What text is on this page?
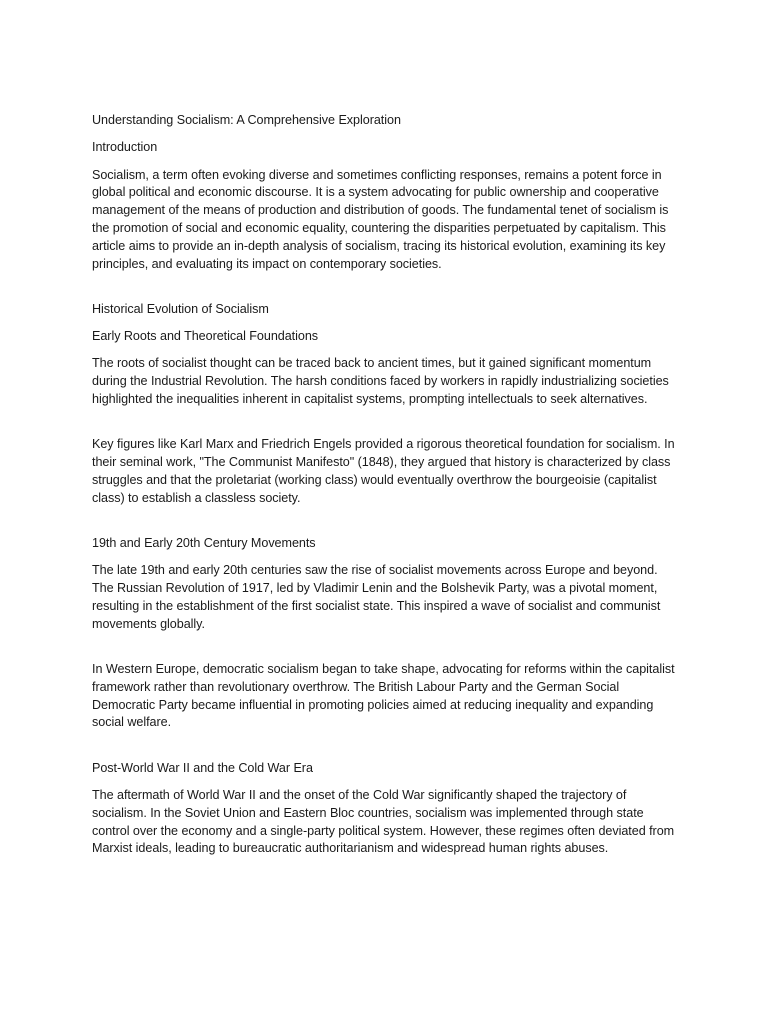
Understanding Socialism: A Comprehensive Exploration
Introduction
Socialism, a term often evoking diverse and sometimes conflicting responses, remains a potent force in global political and economic discourse. It is a system advocating for public ownership and cooperative management of the means of production and distribution of goods. The fundamental tenet of socialism is the promotion of social and economic equality, countering the disparities perpetuated by capitalism. This article aims to provide an in-depth analysis of socialism, tracing its historical evolution, examining its key principles, and evaluating its impact on contemporary societies.
Historical Evolution of Socialism
Early Roots and Theoretical Foundations
The roots of socialist thought can be traced back to ancient times, but it gained significant momentum during the Industrial Revolution. The harsh conditions faced by workers in rapidly industrializing societies highlighted the inequalities inherent in capitalist systems, prompting intellectuals to seek alternatives.
Key figures like Karl Marx and Friedrich Engels provided a rigorous theoretical foundation for socialism. In their seminal work, "The Communist Manifesto" (1848), they argued that history is characterized by class struggles and that the proletariat (working class) would eventually overthrow the bourgeoisie (capitalist class) to establish a classless society.
19th and Early 20th Century Movements
The late 19th and early 20th centuries saw the rise of socialist movements across Europe and beyond. The Russian Revolution of 1917, led by Vladimir Lenin and the Bolshevik Party, was a pivotal moment, resulting in the establishment of the first socialist state. This inspired a wave of socialist and communist movements globally.
In Western Europe, democratic socialism began to take shape, advocating for reforms within the capitalist framework rather than revolutionary overthrow. The British Labour Party and the German Social Democratic Party became influential in promoting policies aimed at reducing inequality and expanding social welfare.
Post-World War II and the Cold War Era
The aftermath of World War II and the onset of the Cold War significantly shaped the trajectory of socialism. In the Soviet Union and Eastern Bloc countries, socialism was implemented through state control over the economy and a single-party political system. However, these regimes often deviated from Marxist ideals, leading to bureaucratic authoritarianism and widespread human rights abuses.
